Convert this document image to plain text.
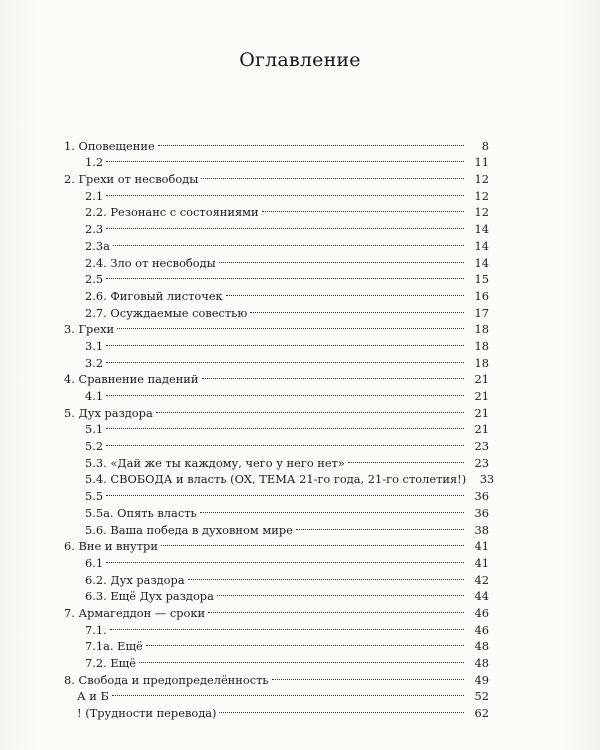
Оглавление
1. Оповещение	8
1.2	11
2. Грехи от несвободы	12
2.1	12
2.2. Резонанс с состояниями	12
2.3	14
2.3а	14
2.4. Зло от несвободы	14
2.5	15
2.6. Фиговый листочек	16
2.7. Осуждаемые совестью	17
3. Грехи	18
3.1	18
3.2	18
4. Сравнение падений	21
4.1	21
5. Дух раздора	21
5.1	21
5.2	23
5.3. «Дай же ты каждому, чего у него нет»	23
5.4. СВОБОДА и власть (ОХ, ТЕМА 21-го года, 21-го столетия!)	33
5.5	36
5.5а. Опять власть	36
5.6. Ваша победа в духовном мире	38
6. Вне и внутри	41
6.1	41
6.2. Дух раздора	42
6.3. Ещё Дух раздора	44
7. Армагеддон — сроки	46
7.1.	46
7.1а. Ещё	48
7.2. Ещё	48
8. Свобода и предопределённость	49
А и Б	52
! (Трудности перевода)	62
